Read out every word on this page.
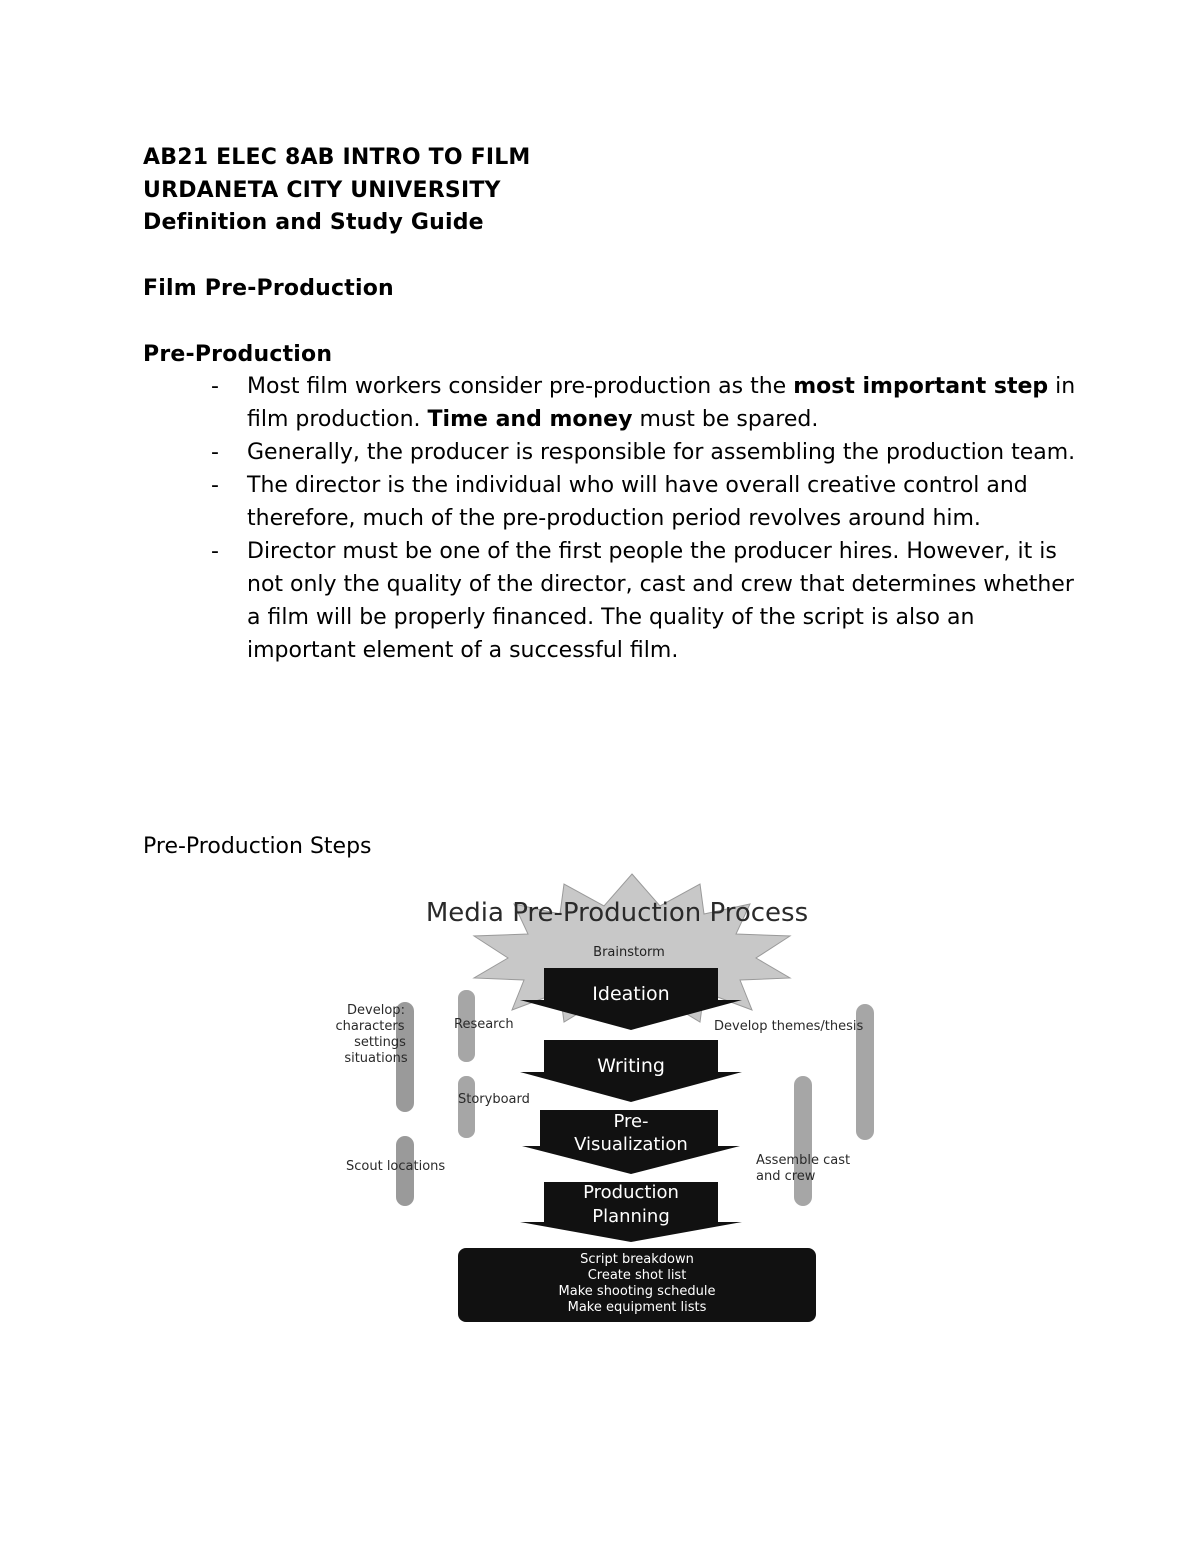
AB21 ELEC 8AB INTRO TO FILM
URDANETA CITY UNIVERSITY
Definition and Study Guide
Film Pre-Production
Pre-Production
- Most film workers consider pre-production as the most important step in film production. Time and money must be spared.
- Generally, the producer is responsible for assembling the production team.
- The director is the individual who will have overall creative control and therefore, much of the pre-production period revolves around him.
- Director must be one of the first people the producer hires. However, it is not only the quality of the director, cast and crew that determines whether a film will be properly financed. The quality of the script is also an important element of a successful film.
Pre-Production Steps
Media Pre-Production Process
Brainstorm
Ideation
Writing
Pre-
Visualization
Production
Planning
Script breakdown
Create shot list
Make shooting schedule
Make equipment lists
Develop:
characters
settings
situations
Research	Develop themes/thesis
Storyboard
Scout locations	Assemble cast
and crew
